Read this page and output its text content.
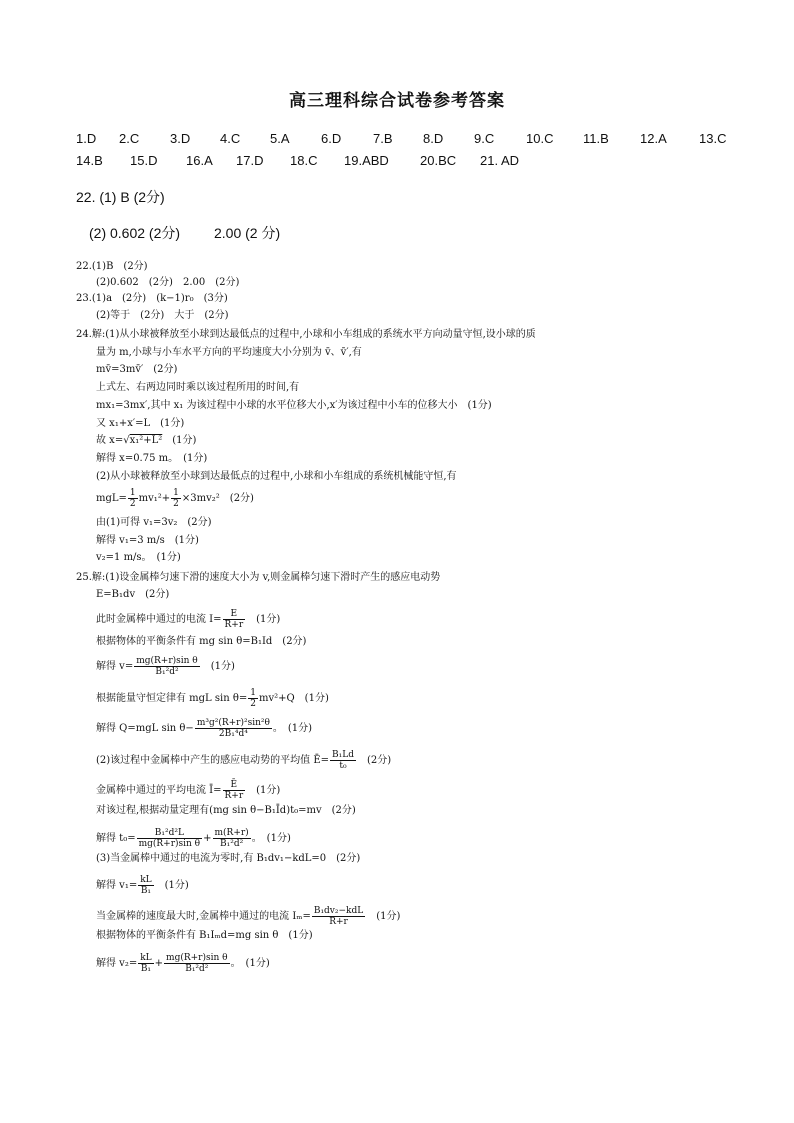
高三理科综合试卷参考答案
1.D 2.C 3.D 4.C 5.A 6.D 7.B 8.D 9.C 10.C 11.B 12.A 13.C
14.B 15.D 16.A 17.D 18.C 19.ABD 20.BC 21. AD
22. (1) B (2分)
(2) 0.602 (2分) 2.00 (2 分)
22.(1)B　(2分)
(2)0.602　(2分)　2.00　(2分)
23.(1)a　(2分)　(k−1)r₀　(3分)
(2)等于　(2分)　大于　(2分)
24.解:(1)从小球被释放至小球到达最低点的过程中,小球和小车组成的系统水平方向动量守恒,设小球的质
量为 m,小球与小车水平方向的平均速度大小分别为 v̄、v̄′,有
mv̄=3mv̄′　 (2分)
上式左、右两边同时乘以该过程所用的时间,有
mx₁=3mx′,其中 x₁ 为该过程中小球的水平位移大小,x′为该过程中小车的位移大小　(1分)
又 x₁+x′=L　(1分)
故 x=√x₁²+L²　 (1分)
解得 x=0.75 m。　(1分)
(2)从小球被释放至小球到达最低点的过程中,小球和小车组成的系统机械能守恒,有
$mgL= \frac{1}{2} mv_1^2+ \frac{1}{2} \times 3mv_2^2$　(2分)
由(1)可得 v₁=3v₂　(2分)
解得 v₁=3 m/s　(1分)
v₂=1 m/s。　(1分)
25.解:(1)设金属棒匀速下滑的速度大小为 v,则金属棒匀速下滑时产生的感应电动势
E=B₁dv　(2分)
此时金属棒中通过的电流 $I= \frac{E}{R+r}$
　 (1分)
根据物体的平衡条件有 mg sin θ=B₁Id　(2分)
解得 $v= \frac{\text{mg(R+r)sin θ}}{\text{B₁²d²}}$
　 (1分)
根据能量守恒定律有 mgL $\sin \theta= \frac{1}{2} mv^2+Q$　(1分)
解得 Q=mgL $\sin \theta- \frac{\text{m³g²(R+r)²sin²θ}}{\text{2B₁⁴d⁴}}$ 。　(1分)
(2)该过程中金属棒中产生的感应电动势的平均值 Ē= $\frac{\text{B₁Ld}}{\text{t₀}}$
　 (2分)
金属棒中通过的平均电流 Ī= $\frac{Ē}{R+r}$
　 (1分)
对该过程,根据动量定理有(mg sin θ−B₁Īd)t₀=mv　(2分)
解得 $t_0= \frac{\text{B₁²d²L}}{\text{mg(R+r)sin θ}} + \frac{m(R+r)}{\text{B₁²d²}}$ 。　(1分)
(3)当金属棒中通过的电流为零时,有 B₁dv₁−kdL=0　(2分)
解得 $v_1= \frac{kL}{\text{B₁}}$
　 (1分)
当金属棒的速度最大时,金属棒中通过的电流 $I_m= \frac{\text{B₁dv₂−kdL}}{R+r}$
　 (1分)
根据物体的平衡条件有 B₁Iₘd=mg sin θ　(1分)
解得 $v_2= \frac{kL}{\text{B₁}} + \frac{\text{mg(R+r)sin θ}}{\text{B₁²d²}}$ 。　(1分)
